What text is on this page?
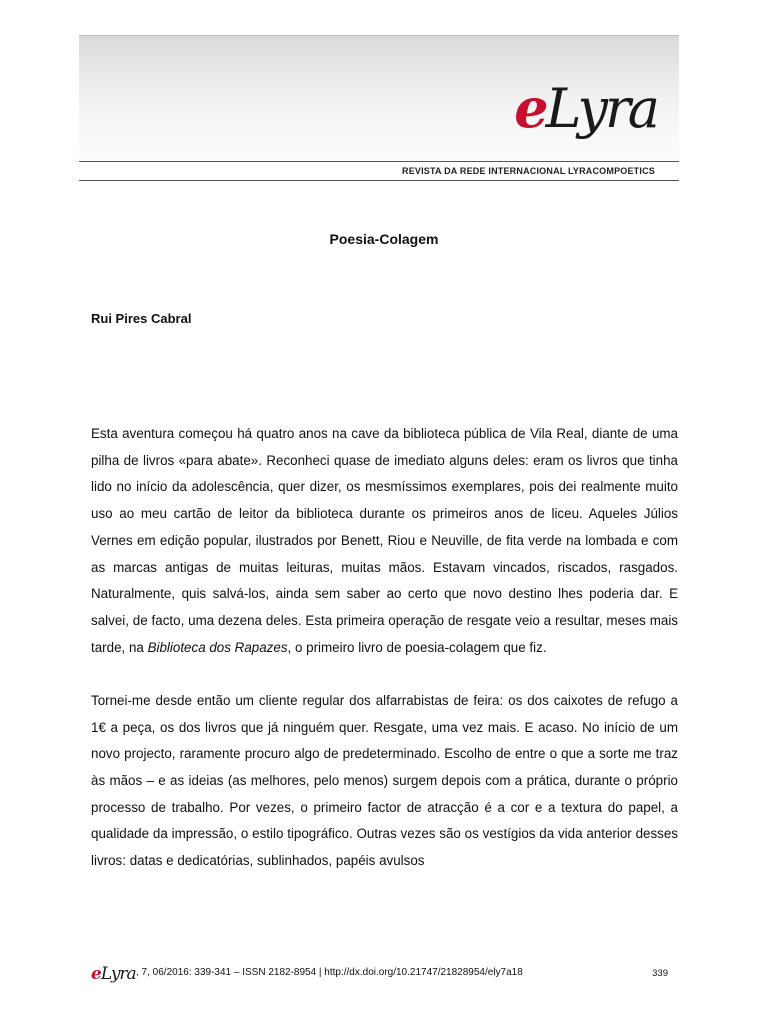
eLyra
REVISTA DA REDE INTERNACIONAL LYRACOMPOETICS
Poesia-Colagem
Rui Pires Cabral

Esta aventura começou há quatro anos na cave da biblioteca pública de Vila Real, diante de uma pilha de livros «para abate». Reconheci quase de imediato alguns deles: eram os livros que tinha lido no início da adolescência, quer dizer, os mesmíssimos exemplares, pois dei realmente muito uso ao meu cartão de leitor da biblioteca durante os primeiros anos de liceu. Aqueles Júlios Vernes em edição popular, ilustrados por Benett, Riou e Neuville, de fita verde na lombada e com as marcas antigas de muitas leituras, muitas mãos. Estavam vincados, riscados, rasgados. Naturalmente, quis salvá-los, ainda sem saber ao certo que novo destino lhes poderia dar. E salvei, de facto, uma dezena deles. Esta primeira operação de resgate veio a resultar, meses mais tarde, na Biblioteca dos Rapazes, o primeiro livro de poesia-colagem que fiz.

Tornei-me desde então um cliente regular dos alfarrabistas de feira: os dos caixotes de refugo a 1€ a peça, os dos livros que já ninguém quer. Resgate, uma vez mais. E acaso. No início de um novo projecto, raramente procuro algo de predeterminado. Escolho de entre o que a sorte me traz às mãos – e as ideias (as melhores, pelo menos) surgem depois com a prática, durante o próprio processo de trabalho. Por vezes, o primeiro factor de atracção é a cor e a textura do papel, a qualidade da impressão, o estilo tipográfico. Outras vezes são os vestígios da vida anterior desses livros: datas e dedicatórias, sublinhados, papéis avulsos

eLyra , 7, 06/2016: 339-341 – ISSN 2182-8954 | http://dx.doi.org/10.21747/21828954/ely7a18	339
